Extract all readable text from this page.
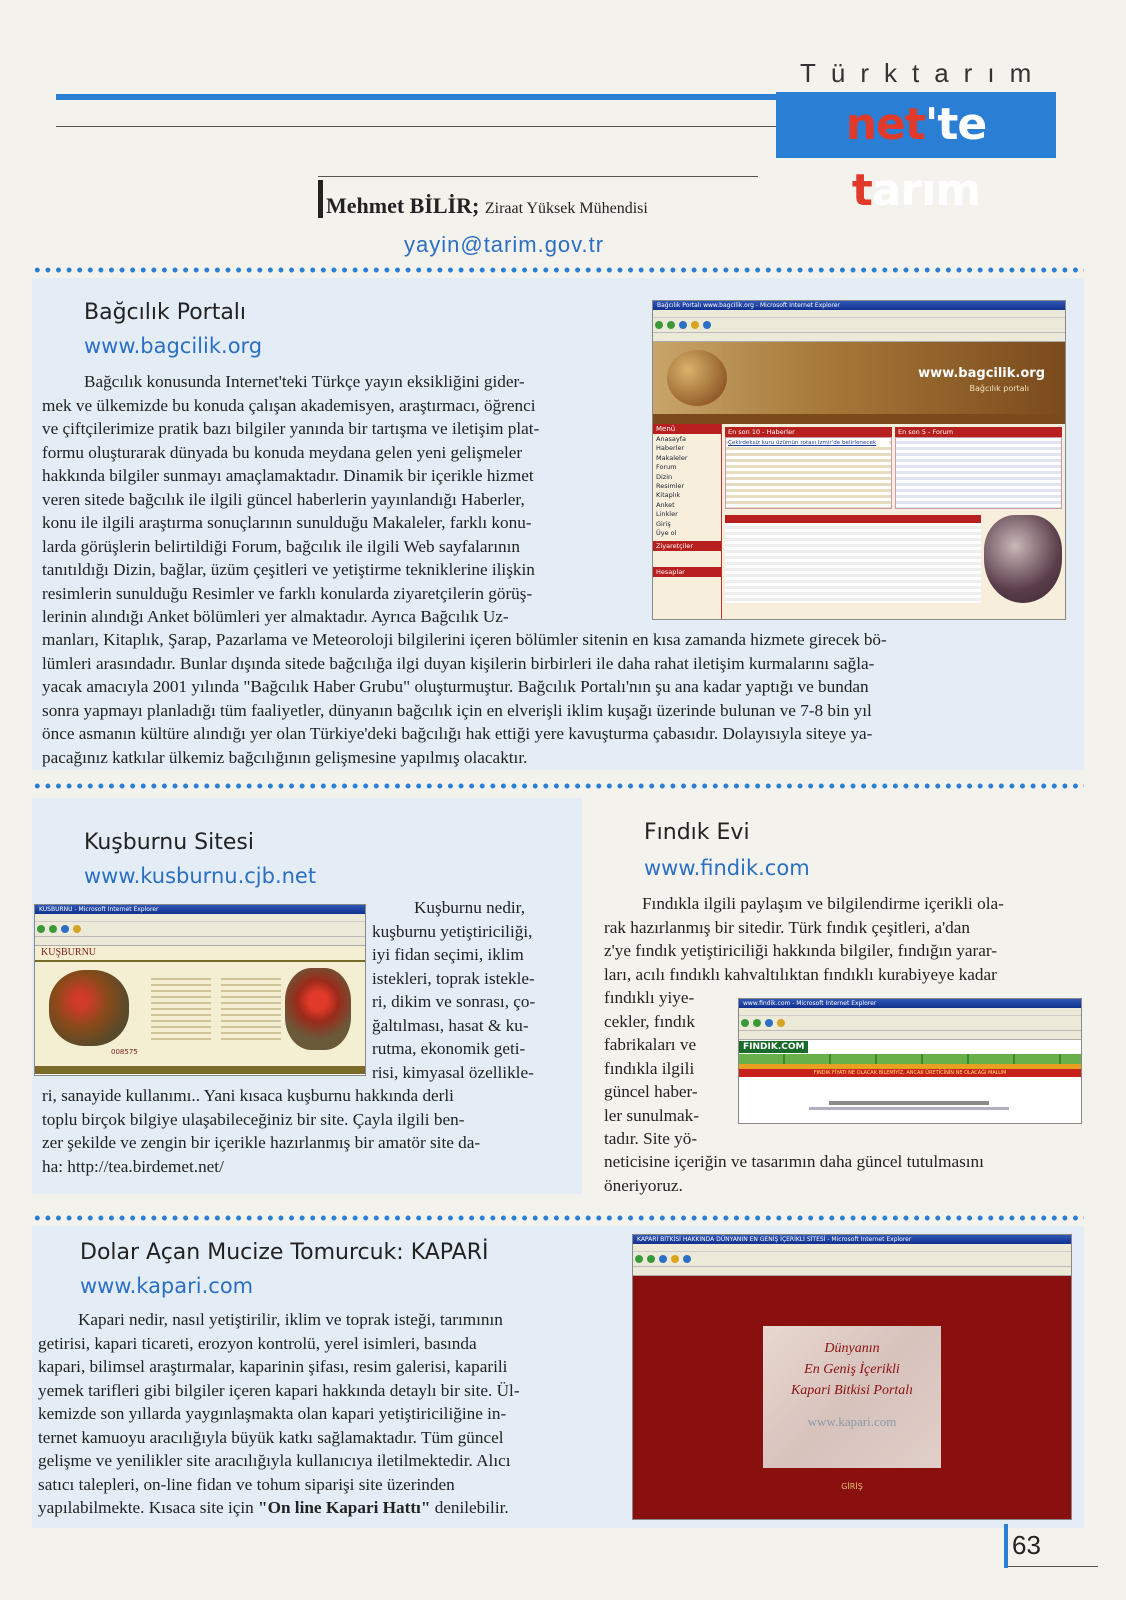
Türktarım
net'te tarım
Mehmet BİLİR; Ziraat Yüksek Mühendisi
yayin@tarim.gov.tr
Bağcılık Portalı
www.bagcilik.org
Bağcılık konusunda Internet'teki Türkçe yayın eksikliğini gider-
mek ve ülkemizde bu konuda çalışan akademisyen, araştırmacı, öğrenci
ve çiftçilerimize pratik bazı bilgiler yanında bir tartışma ve iletişim plat-
formu oluşturarak dünyada bu konuda meydana gelen yeni gelişmeler
hakkında bilgiler sunmayı amaçlamaktadır. Dinamik bir içerikle hizmet
veren sitede bağcılık ile ilgili güncel haberlerin yayınlandığı Haberler,
konu ile ilgili araştırma sonuçlarının sunulduğu Makaleler, farklı konu-
larda görüşlerin belirtildiği Forum, bağcılık ile ilgili Web sayfalarının
tanıtıldığı Dizin, bağlar, üzüm çeşitleri ve yetiştirme tekniklerine ilişkin
resimlerin sunulduğu Resimler ve farklı konularda ziyaretçilerin görüş-
lerinin alındığı Anket bölümleri yer almaktadır. Ayrıca Bağcılık Uz-
manları, Kitaplık, Şarap, Pazarlama ve Meteoroloji bilgilerini içeren bölümler sitenin en kısa zamanda hizmete girecek bö-
lümleri arasındadır. Bunlar dışında sitede bağcılığa ilgi duyan kişilerin birbirleri ile daha rahat iletişim kurmalarını sağla-
yacak amacıyla 2001 yılında "Bağcılık Haber Grubu" oluşturmuştur. Bağcılık Portalı'nın şu ana kadar yaptığı ve bundan
sonra yapmayı planladığı tüm faaliyetler, dünyanın bağcılık için en elverişli iklim kuşağı üzerinde bulunan ve 7-8 bin yıl
önce asmanın kültüre alındığı yer olan Türkiye'deki bağcılığı hak ettiği yere kavuşturma çabasıdır. Dolayısıyla siteye ya-
pacağınız katkılar ülkemiz bağcılığının gelişmesine yapılmış olacaktır.
Bağcılık Portalı www.bagcilik.org - Microsoft Internet Explorer
www.bagcilik.org
Bağcılık portalı
Menü
Anasayfa
Haberler
Makaleler
Forum
Dizin
Resimler
Kitaplık
Anket
Linkler
Giriş
Üye ol
Ziyaretçiler
Hesaplar
En son 10 - Haberler
Çekirdeksiz kuru üzümün rotası İzmir'de belirlenecek
En son 5 - Forum
Kuşburnu Sitesi
www.kusburnu.cjb.net
KUSBURNU - Microsoft Internet Explorer
KUŞBURNU
008575
Kuşburnu nedir,
kuşburnu yetiştiriciliği,
iyi fidan seçimi, iklim
istekleri, toprak istekle-
ri, dikim ve sonrası, ço-
ğaltılması, hasat & ku-
rutma, ekonomik geti-
risi, kimyasal özellikle-
ri, sanayide kullanımı.. Yani kısaca kuşburnu hakkında derli
toplu birçok bilgiye ulaşabileceğiniz bir site. Çayla ilgili ben-
zer şekilde ve zengin bir içerikle hazırlanmış bir amatör site da-
ha: http://tea.birdemet.net/
Fındık Evi
www.findik.com
Fındıkla ilgili paylaşım ve bilgilendirme içerikli ola-
rak hazırlanmış bir sitedir. Türk fındık çeşitleri, a'dan
z'ye fındık yetiştiriciliği hakkında bilgiler, fındığın yarar-
ları, acılı fındıklı kahvaltılıktan fındıklı kurabiyeye kadar
fındıklı yiye-
cekler, fındık
fabrikaları ve
fındıkla ilgili
güncel haber-
ler sunulmak-
tadır. Site yö-
www.findik.com - Microsoft Internet Explorer
FINDIK.COM
FINDIK FİYATI NE OLACAK BİLEMİYİZ, ANCAK ÜRETİCİNİN NE OLACAĞI MALUM
neticisine içeriğin ve tasarımın daha güncel tutulmasını
öneriyoruz.
Dolar Açan Mucize Tomurcuk: KAPARİ
www.kapari.com
Kapari nedir, nasıl yetiştirilir, iklim ve toprak isteği, tarımının
getirisi, kapari ticareti, erozyon kontrolü, yerel isimleri, basında
kapari, bilimsel araştırmalar, kaparinin şifası, resim galerisi, kaparili
yemek tarifleri gibi bilgiler içeren kapari hakkında detaylı bir site. Ül-
kemizde son yıllarda yaygınlaşmakta olan kapari yetiştiriciliğine in-
ternet kamuoyu aracılığıyla büyük katkı sağlamaktadır. Tüm güncel
gelişme ve yenilikler site aracılığıyla kullanıcıya iletilmektedir. Alıcı
satıcı talepleri, on-line fidan ve tohum siparişi site üzerinden
yapılabilmekte. Kısaca site için "On line Kapari Hattı" denilebilir.
KAPARİ BİTKİSİ HAKKINDA DÜNYANIN EN GENİŞ İÇERİKLİ SİTESİ - Microsoft Internet Explorer
Dünyanın
En Geniş İçerikli
Kapari Bitkisi Portalı
www.kapari.com
GİRİŞ
63
